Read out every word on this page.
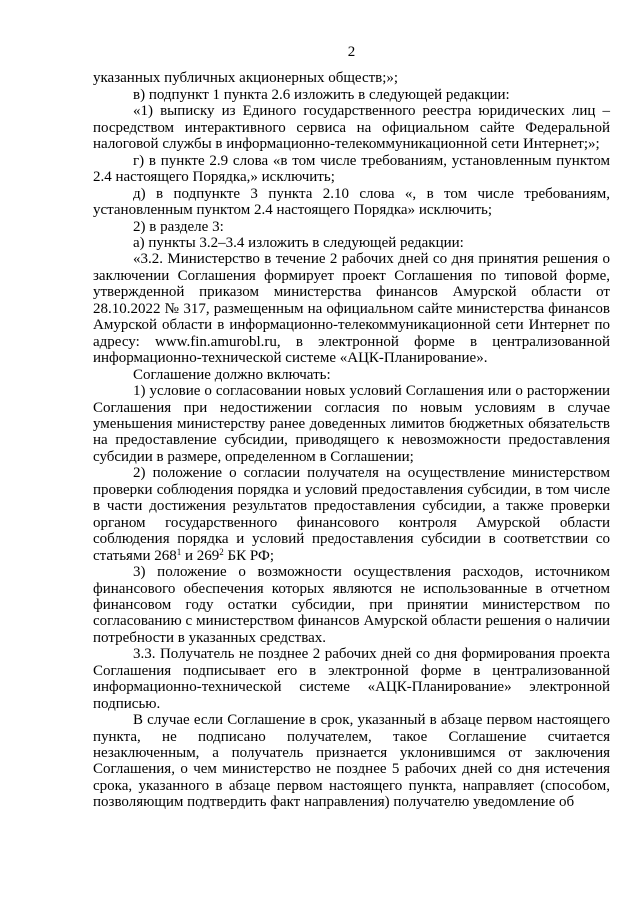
2

указанных публичных акционерных обществ;»;

в) подпункт 1 пункта 2.6 изложить в следующей редакции:

«1) выписку из Единого государственного реестра юридических лиц – посредством интерактивного сервиса на официальном сайте Федеральной налоговой службы в информационно-телекоммуникационной сети Интернет;»;

г) в пункте 2.9 слова «в том числе требованиям, установленным пунктом 2.4 настоящего Порядка,» исключить;

д) в подпункте 3 пункта 2.10 слова «, в том числе требованиям, установленным пунктом 2.4 настоящего Порядка» исключить;

2) в разделе 3:

а) пункты 3.2–3.4 изложить в следующей редакции:

«3.2. Министерство в течение 2 рабочих дней со дня принятия решения о заключении Соглашения формирует проект Соглашения по типовой форме, утвержденной приказом министерства финансов Амурской области от 28.10.2022 № 317, размещенным на официальном сайте министерства финансов Амурской области в информационно-телекоммуникационной сети Интернет по адресу: www.fin.amurobl.ru, в электронной форме в централизованной информационно-технической системе «АЦК-Планирование».

Соглашение должно включать:

1) условие о согласовании новых условий Соглашения или о расторжении Соглашения при недостижении согласия по новым условиям в случае уменьшения министерству ранее доведенных лимитов бюджетных обязательств на предоставление субсидии, приводящего к невозможности предоставления субсидии в размере, определенном в Соглашении;

2) положение о согласии получателя на осуществление министерством проверки соблюдения порядка и условий предоставления субсидии, в том числе в части достижения результатов предоставления субсидии, а также проверки органом государственного финансового контроля Амурской области соблюдения порядка и условий предоставления субсидии в соответствии со статьями $268^1$ и $269^2$ БК РФ;

3) положение о возможности осуществления расходов, источником финансового обеспечения которых являются не использованные в отчетном финансовом году остатки субсидии, при принятии министерством по согласованию с министерством финансов Амурской области решения о наличии потребности в указанных средствах.

3.3. Получатель не позднее 2 рабочих дней со дня формирования проекта Соглашения подписывает его в электронной форме в централизованной информационно-технической системе «АЦК-Планирование» электронной подписью.

В случае если Соглашение в срок, указанный в абзаце первом настоящего пункта, не подписано получателем, такое Соглашение считается незаключенным, а получатель признается уклонившимся от заключения Соглашения, о чем министерство не позднее 5 рабочих дней со дня истечения срока, указанного в абзаце первом настоящего пункта, направляет (способом, позволяющим подтвердить факт направления) получателю уведомление об
